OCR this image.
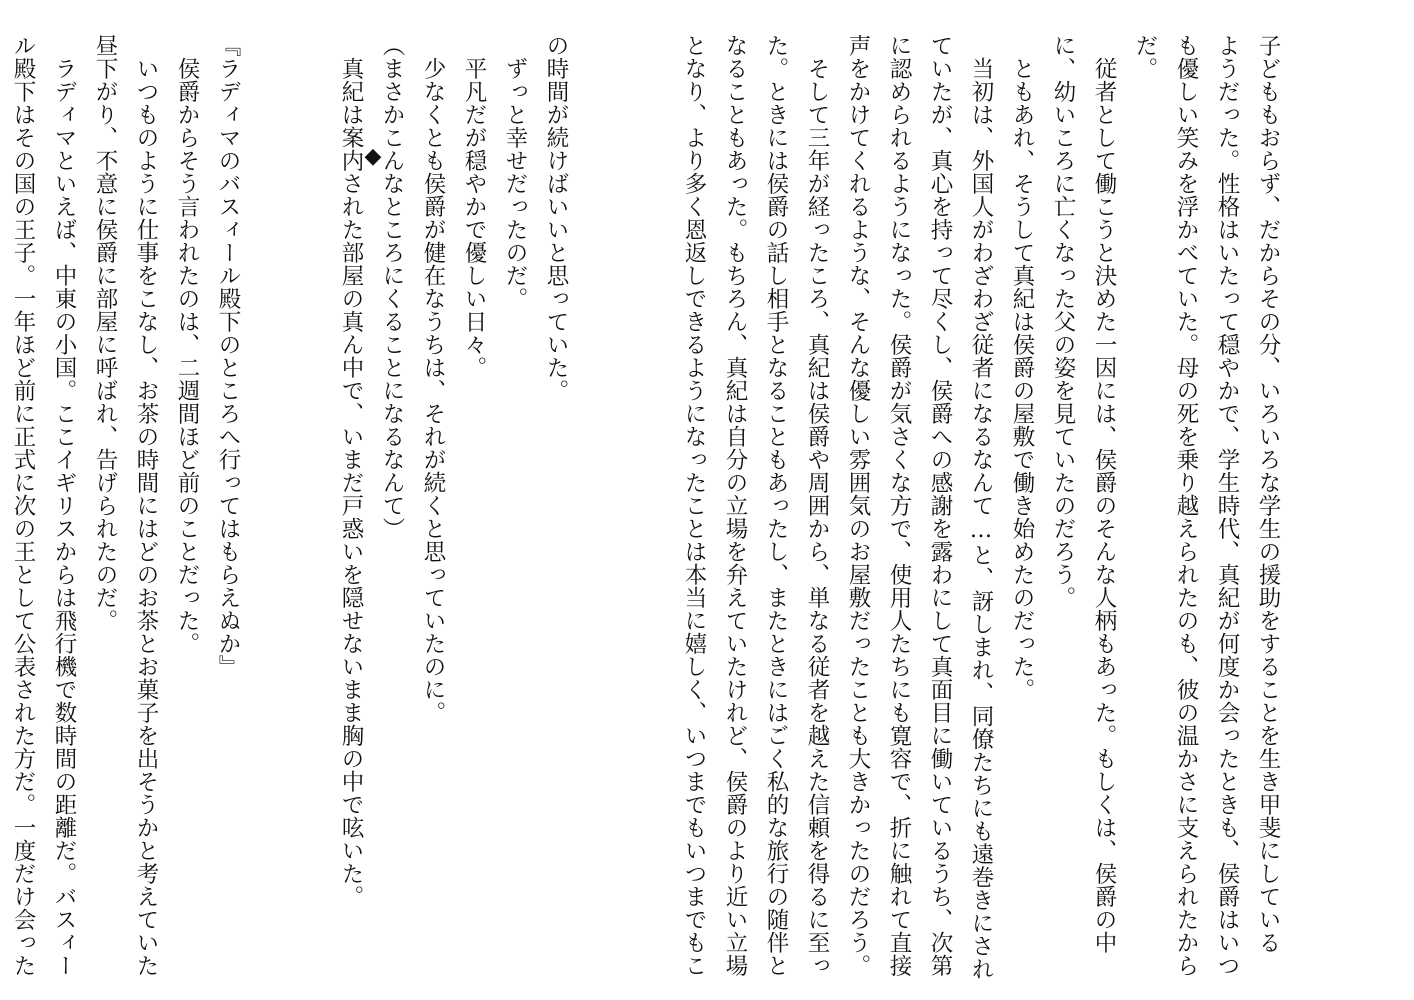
子どももおらず、だからその分、いろいろな学生の援助をすることを生き甲斐にしている
ようだった。性格はいたって穏やかで、学生時代、真紀が何度か会ったときも、侯爵はいつ
も優しい笑みを浮かべていた。母の死を乗り越えられたのも、彼の温かさに支えられたから
だ。
　従者として働こうと決めた一因には、侯爵のそんな人柄もあった。もしくは、侯爵の中
に、幼いころに亡くなった父の姿を見ていたのだろう。
　ともあれ、そうして真紀は侯爵の屋敷で働き始めたのだった。
　当初は、外国人がわざわざ従者になるなんて…と、訝しまれ、同僚たちにも遠巻きにされ
ていたが、真心を持って尽くし、侯爵への感謝を露わにして真面目に働いているうち、次第
に認められるようになった。侯爵が気さくな方で、使用人たちにも寛容で、折に触れて直接
声をかけてくれるような、そんな優しい雰囲気のお屋敷だったことも大きかったのだろう。
　そして三年が経ったころ、真紀は侯爵や周囲から、単なる従者を越えた信頼を得るに至っ
た。ときには侯爵の話し相手となることもあったし、またときにはごく私的な旅行の随伴と
なることもあった。もちろん、真紀は自分の立場を弁えていたけれど、侯爵のより近い立場
となり、より多く恩返しできるようになったことは本当に嬉しく、いつまでもいつまでもこ

の時間が続けばいいと思っていた。
　ずっと幸せだったのだ。
　平凡だが穏やかで優しい日々。
　少なくとも侯爵が健在なうちは、それが続くと思っていたのに。
（まさかこんなところにくることになるなんて）
　真紀は案内された部屋の真ん中で、いまだ戸惑いを隠せないまま胸の中で呟いた。

『ラディマのバスィール殿下のところへ行ってはもらえぬか』
　侯爵からそう言われたのは、二週間ほど前のことだった。
　いつものように仕事をこなし、お茶の時間にはどのお茶とお菓子を出そうかと考えていた
昼下がり、不意に侯爵に部屋に呼ばれ、告げられたのだ。
　ラディマといえば、中東の小国。ここイギリスからは飛行機で数時間の距離だ。バスィー
ル殿下はその国の王子。一年ほど前に正式に次の王として公表された方だ。一度だけ会った

	◆
